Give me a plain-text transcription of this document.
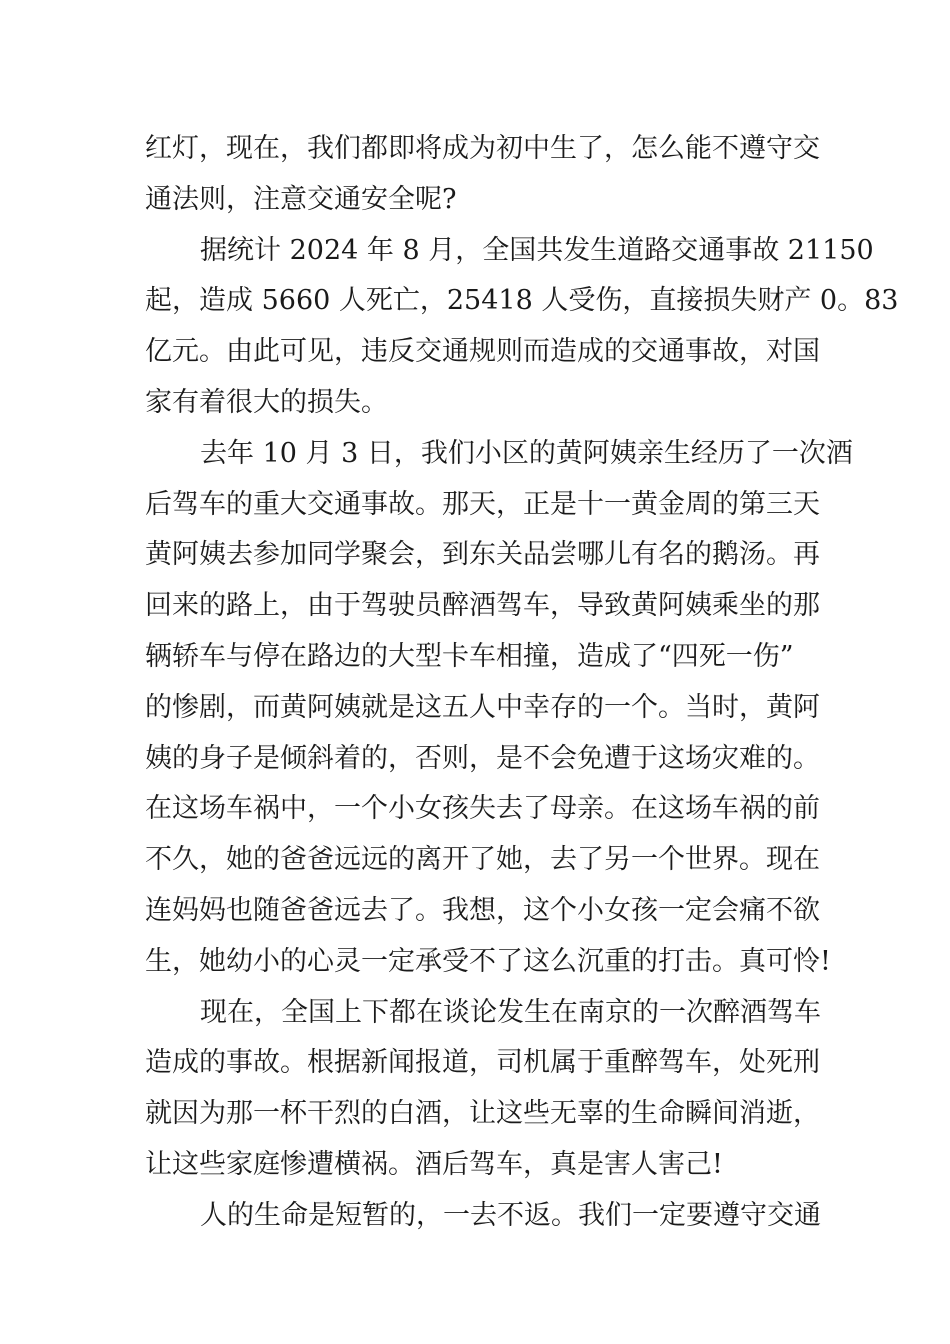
红灯，现在，我们都即将成为初中生了，怎么能不遵守交
通法则，注意交通安全呢?
据统计 2024 年 8 月，全国共发生道路交通事故 21150
起，造成 5660 人死亡，25418 人受伤，直接损失财产 0。83
亿元。由此可见，违反交通规则而造成的交通事故，对国
家有着很大的损失。
去年 10 月 3 日，我们小区的黄阿姨亲生经历了一次酒
后驾车的重大交通事故。那天，正是十一黄金周的第三天
黄阿姨去参加同学聚会，到东关品尝哪儿有名的鹅汤。再
回来的路上，由于驾驶员醉酒驾车，导致黄阿姨乘坐的那
辆轿车与停在路边的大型卡车相撞，造成了“四死一伤”
的惨剧，而黄阿姨就是这五人中幸存的一个。当时，黄阿
姨的身子是倾斜着的，否则，是不会免遭于这场灾难的。
在这场车祸中，一个小女孩失去了母亲。在这场车祸的前
不久，她的爸爸远远的离开了她，去了另一个世界。现在
连妈妈也随爸爸远去了。我想，这个小女孩一定会痛不欲
生，她幼小的心灵一定承受不了这么沉重的打击。真可怜!
现在，全国上下都在谈论发生在南京的一次醉酒驾车
造成的事故。根据新闻报道，司机属于重醉驾车，处死刑
就因为那一杯干烈的白酒，让这些无辜的生命瞬间消逝，
让这些家庭惨遭横祸。酒后驾车，真是害人害己!
人的生命是短暂的，一去不返。我们一定要遵守交通
